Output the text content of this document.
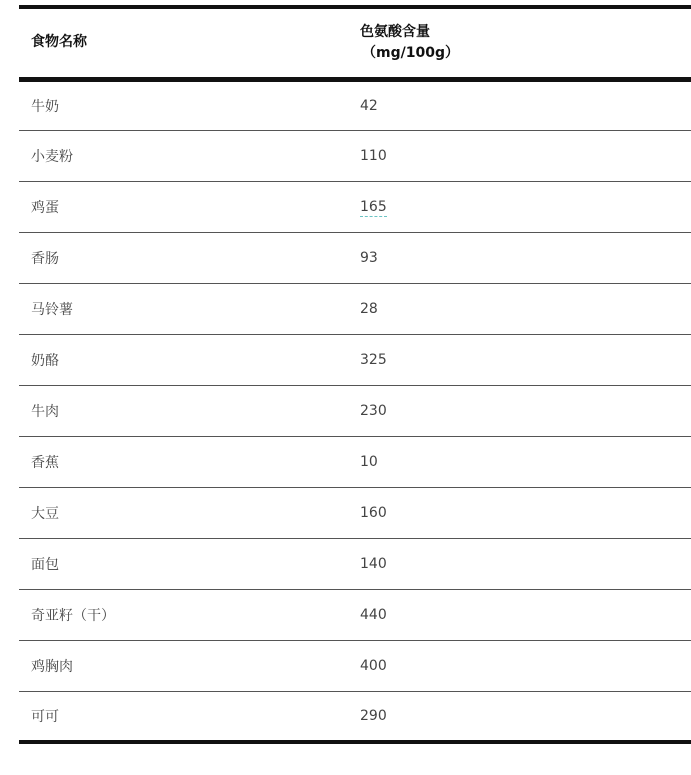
食物名称	色氨酸含量
（mg/100g）

牛奶	42
小麦粉	110
鸡蛋	165
香肠	93
马铃薯	28
奶酪	325
牛肉	230
香蕉	10
大豆	160
面包	140
奇亚籽（干）	440
鸡胸肉	400
可可	290
